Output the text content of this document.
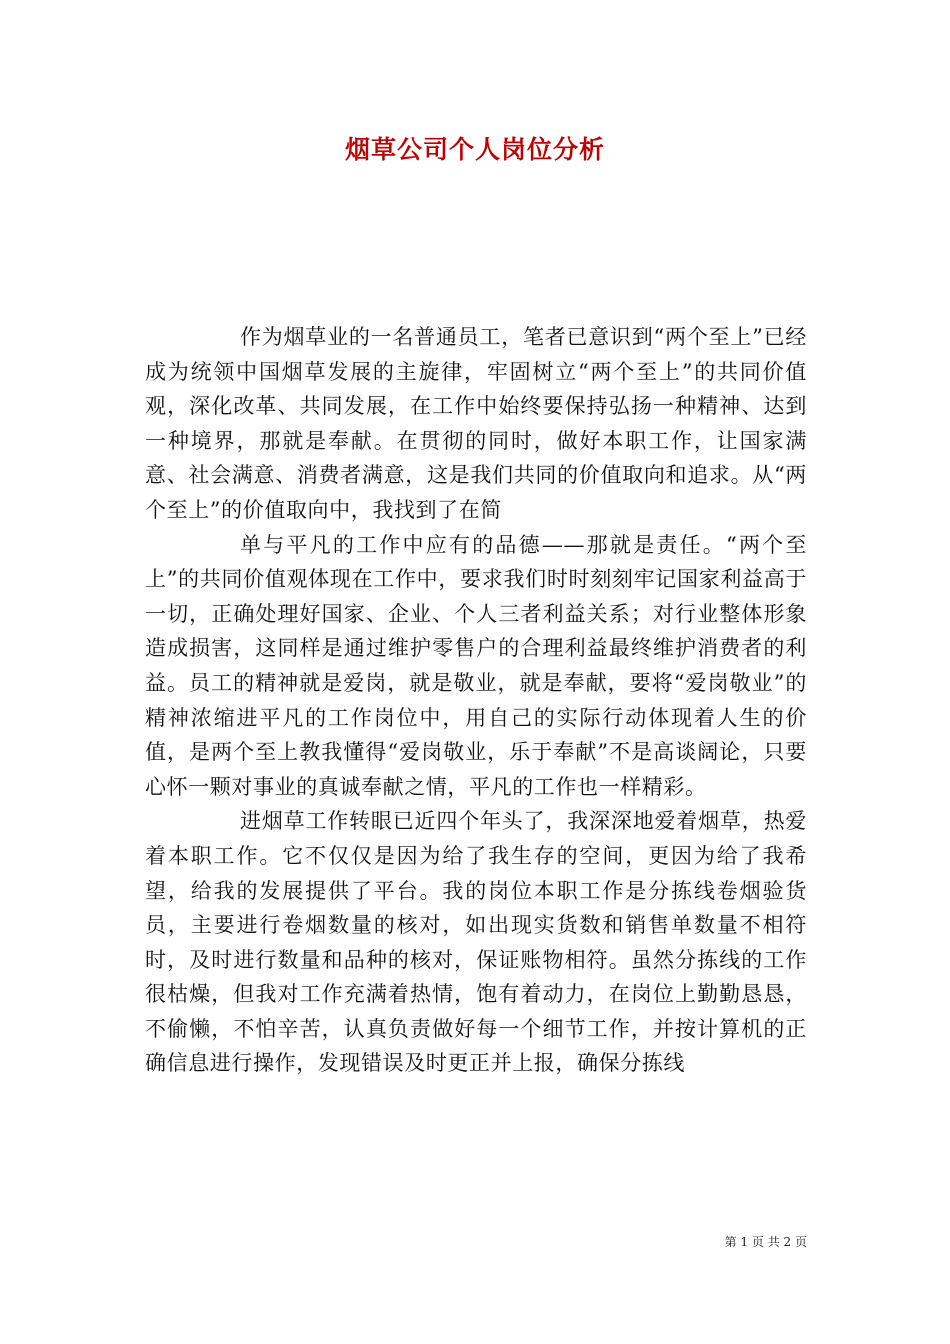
烟草公司个人岗位分析

作为烟草业的一名普通员工，笔者已意识到“两个至上”已经成为统领中国烟草发展的主旋律，牢固树立“两个至上”的共同价值观，深化改革、共同发展，在工作中始终要保持弘扬一种精神、达到一种境界，那就是奉献。在贯彻的同时，做好本职工作，让国家满意、社会满意、消费者满意，这是我们共同的价值取向和追求。从“两个至上”的价值取向中，我找到了在简

单与平凡的工作中应有的品德——那就是责任。“两个至上”的共同价值观体现在工作中，要求我们时时刻刻牢记国家利益高于一切，正确处理好国家、企业、个人三者利益关系；对行业整体形象造成损害，这同样是通过维护零售户的合理利益最终维护消费者的利益。员工的精神就是爱岗，就是敬业，就是奉献，要将“爱岗敬业”的精神浓缩进平凡的工作岗位中，用自己的实际行动体现着人生的价值，是两个至上教我懂得“爱岗敬业，乐于奉献”不是高谈阔论，只要心怀一颗对事业的真诚奉献之情，平凡的工作也一样精彩。

进烟草工作转眼已近四个年头了，我深深地爱着烟草，热爱着本职工作。它不仅仅是因为给了我生存的空间，更因为给了我希望，给我的发展提供了平台。我的岗位本职工作是分拣线卷烟验货员，主要进行卷烟数量的核对，如出现实货数和销售单数量不相符时，及时进行数量和品种的核对，保证账物相符。虽然分拣线的工作很枯燥，但我对工作充满着热情，饱有着动力，在岗位上勤勤恳恳，不偷懒，不怕辛苦，认真负责做好每一个细节工作，并按计算机的正确信息进行操作，发现错误及时更正并上报，确保分拣线

第 1 页 共 2 页
